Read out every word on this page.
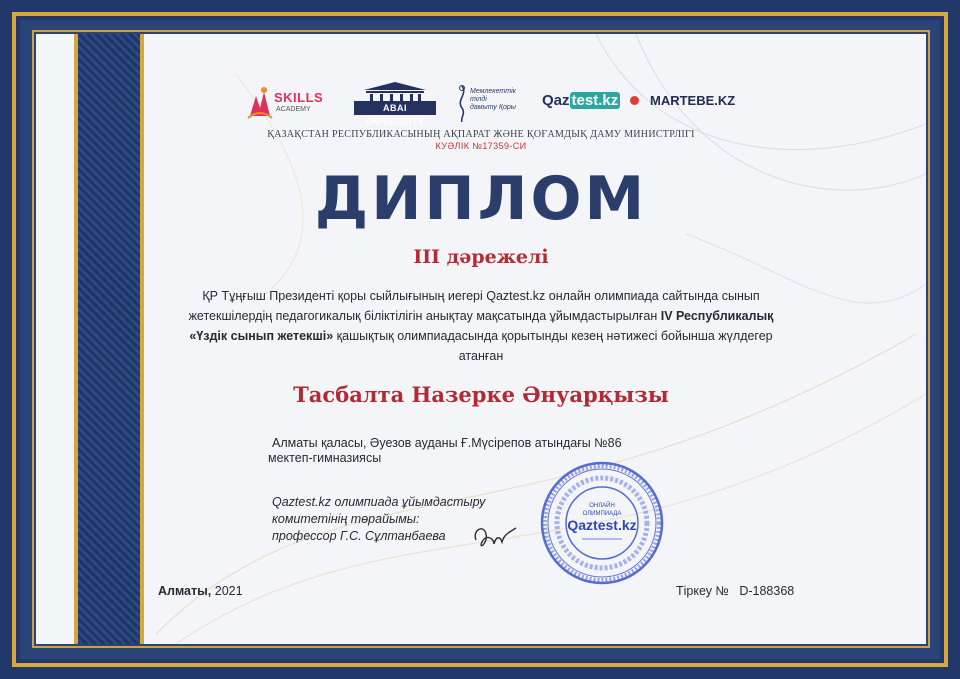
SKILLS
ACADEMY	ABAI UNIVERSITY
Мемлекеттік
тілді
дамыту Қоры Qaz test.kz MARTEBE.KZ
ҚАЗАҚСТАН РЕСПУБЛИКАСЫНЫҢ АҚПАРАТ ЖӘНЕ ҚОҒАМДЫҚ ДАМУ МИНИСТРЛІГІ
КУӘЛІК №17359-СИ
ДИПЛОМ
III дәрежелі
ҚР Тұңғыш Президенті қоры сыйлығының иегері Qaztest.kz онлайн олимпиада сайтында сынып жетекшілердің педагогикалық біліктілігін анықтау мақсатында ұйымдастырылған IV Республикалық «Үздік сынып жетекші» қашықтық олимпиадасында қорытынды кезең нәтижесі бойынша жүлдегер атанған
Тасбалта Назерке Әнуарқызы
Алматы қаласы, Әуезов ауданы Ғ.Мүсірепов атындағы №86
мектеп-гимназиясы
Qaztest.kz олимпиада ұйымдастыру
комитетінің төрайымы:
профессор Г.С. Сұлтанбаева
ОНЛАЙН
ОЛИМПИАДА
Qaztest.kz
Алматы, 2021	Тіркеу № D-188368
